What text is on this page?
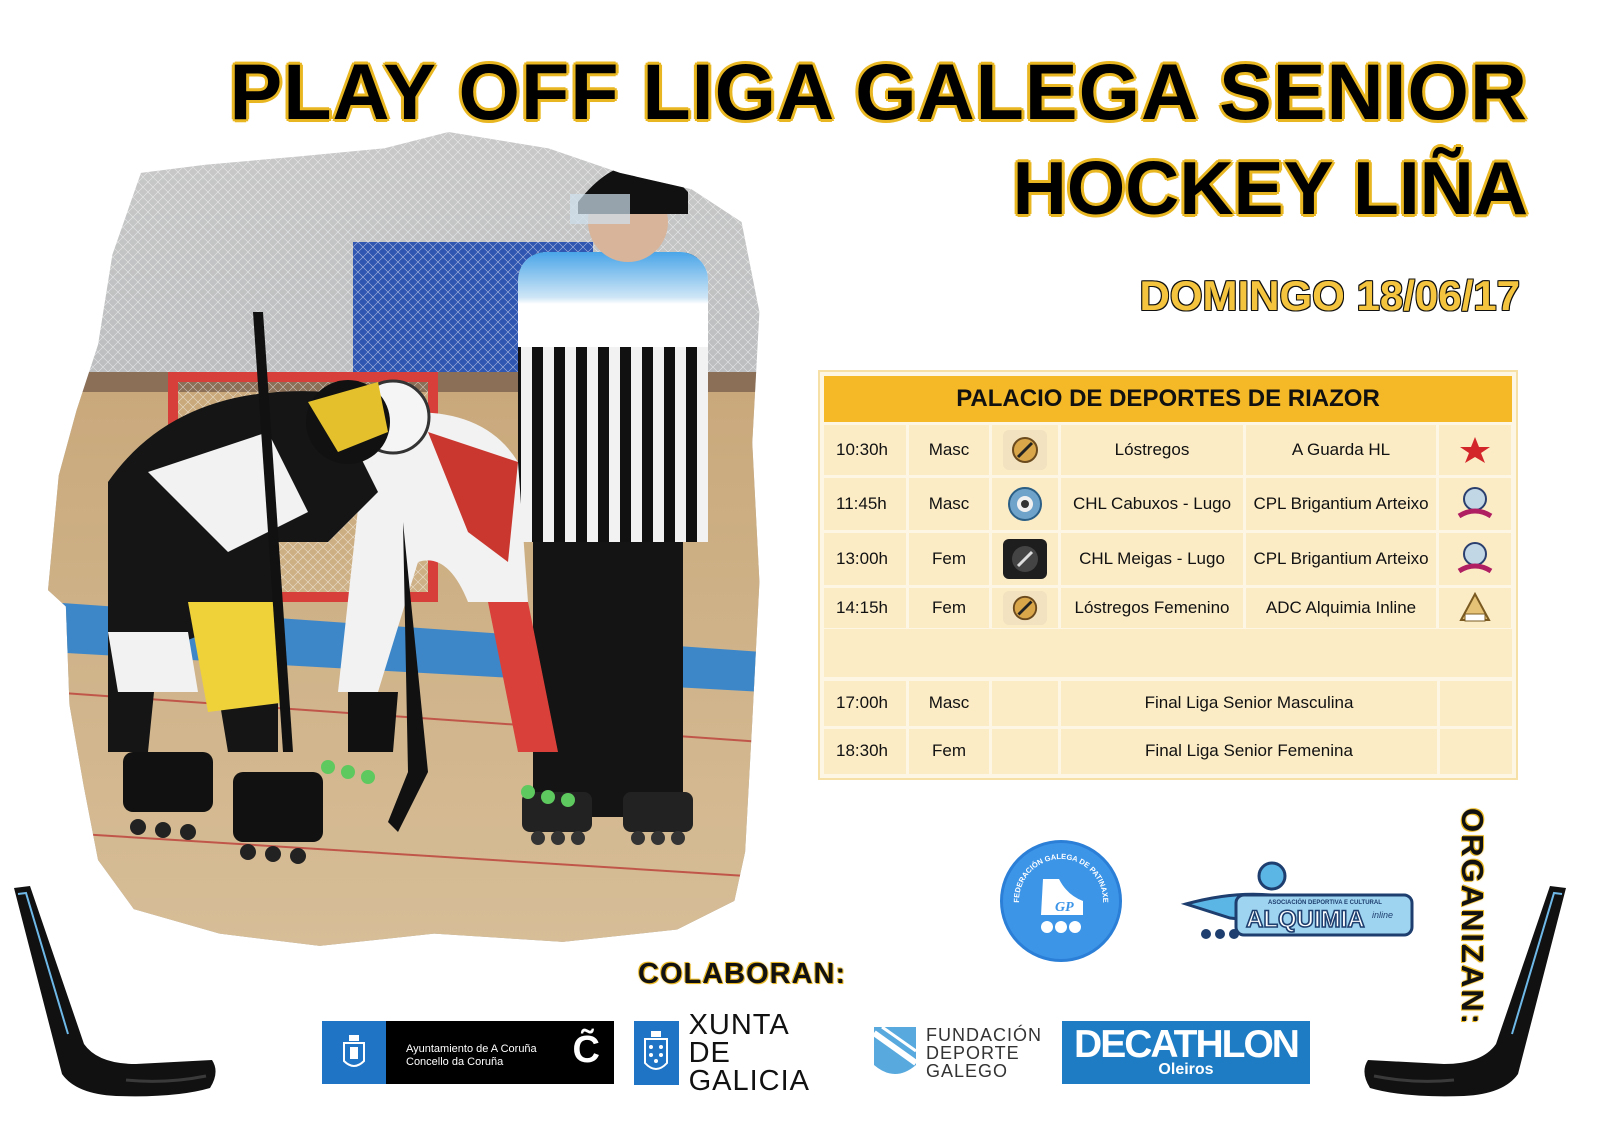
PLAY OFF LIGA GALEGA SENIOR
HOCKEY LIÑA
DOMINGO 18/06/17
PALACIO DE DEPORTES DE RIAZOR
10:30h	Masc	Lóstregos	A Guarda HL
11:45h	Masc	CHL Cabuxos - Lugo	CPL Brigantium Arteixo
13:00h	Fem	CHL Meigas - Lugo	CPL Brigantium Arteixo
14:15h	Fem	Lóstregos Femenino	ADC Alquimia Inline
17:00h	Masc	Final Liga Senior Masculina
18:30h	Fem	Final Liga Senior Femenina
ORGANIZAN:
FEDERACIÓN GALEGA DE PATINAXE
GP	ASOCIACIÓN DEPORTIVA E CULTURAL
ALQUIMIA inline
COLABORAN:
Ayuntamiento de A Coruña
Concello da Coruña	C̃
XUNTA
DE GALICIA
FUNDACIÓN
DEPORTE
GALEGO
DECATHLON
Oleiros
